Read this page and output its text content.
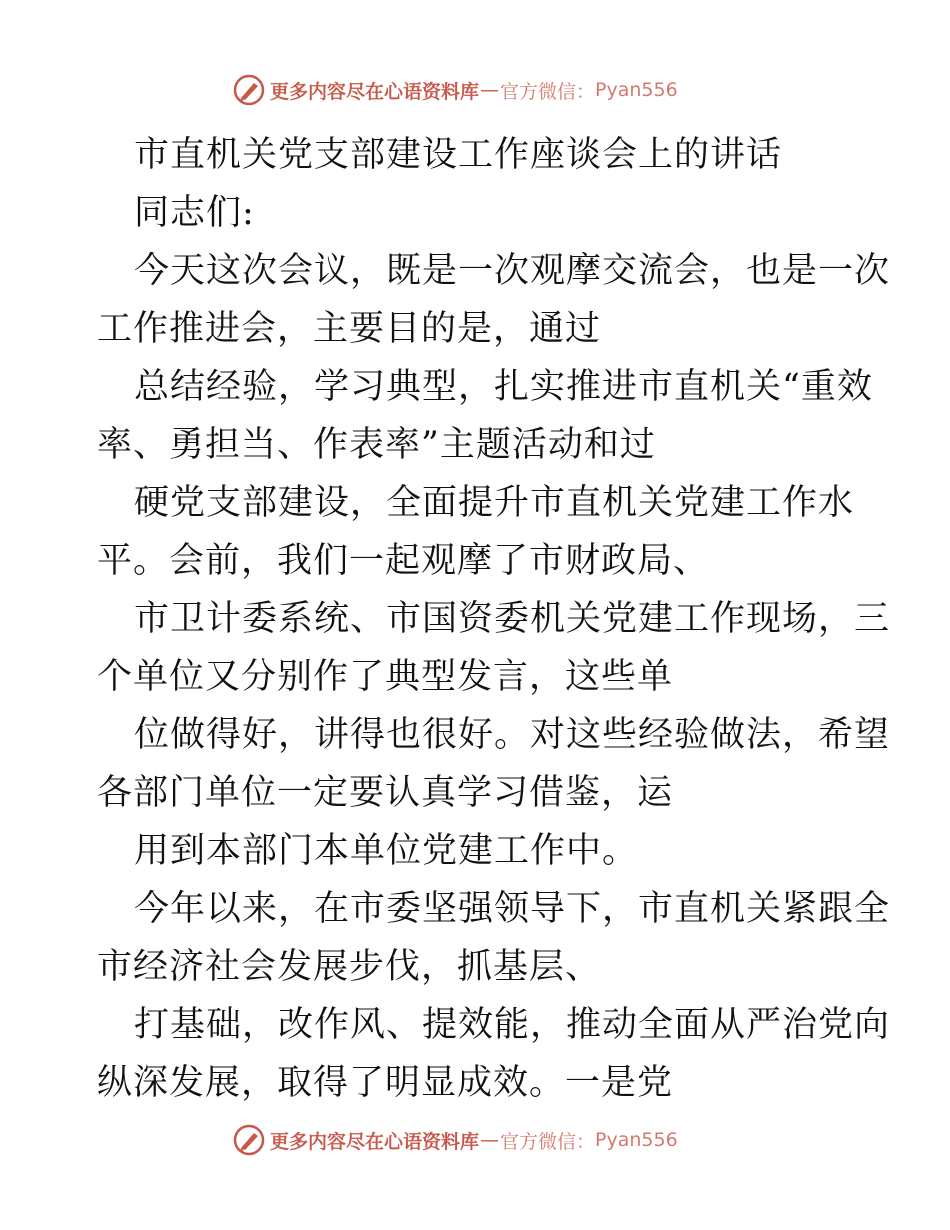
更多内容尽在心语资料库 — 官方微信： Pyan556
市直机关党支部建设工作座谈会上的讲话
同志们:
今天这次会议，既是一次观摩交流会，也是一次
工作推进会，主要目的是，通过
总结经验，学习典型，扎实推进市直机关“重效
率、勇担当、作表率”主题活动和过
硬党支部建设，全面提升市直机关党建工作水
平。会前，我们一起观摩了市财政局、
市卫计委系统、市国资委机关党建工作现场，三
个单位又分别作了典型发言，这些单
位做得好，讲得也很好。对这些经验做法，希望
各部门单位一定要认真学习借鉴，运
用到本部门本单位党建工作中。
今年以来，在市委坚强领导下，市直机关紧跟全
市经济社会发展步伐，抓基层、
打基础，改作风、提效能，推动全面从严治党向
纵深发展，取得了明显成效。一是党
更多内容尽在心语资料库 — 官方微信： Pyan556
